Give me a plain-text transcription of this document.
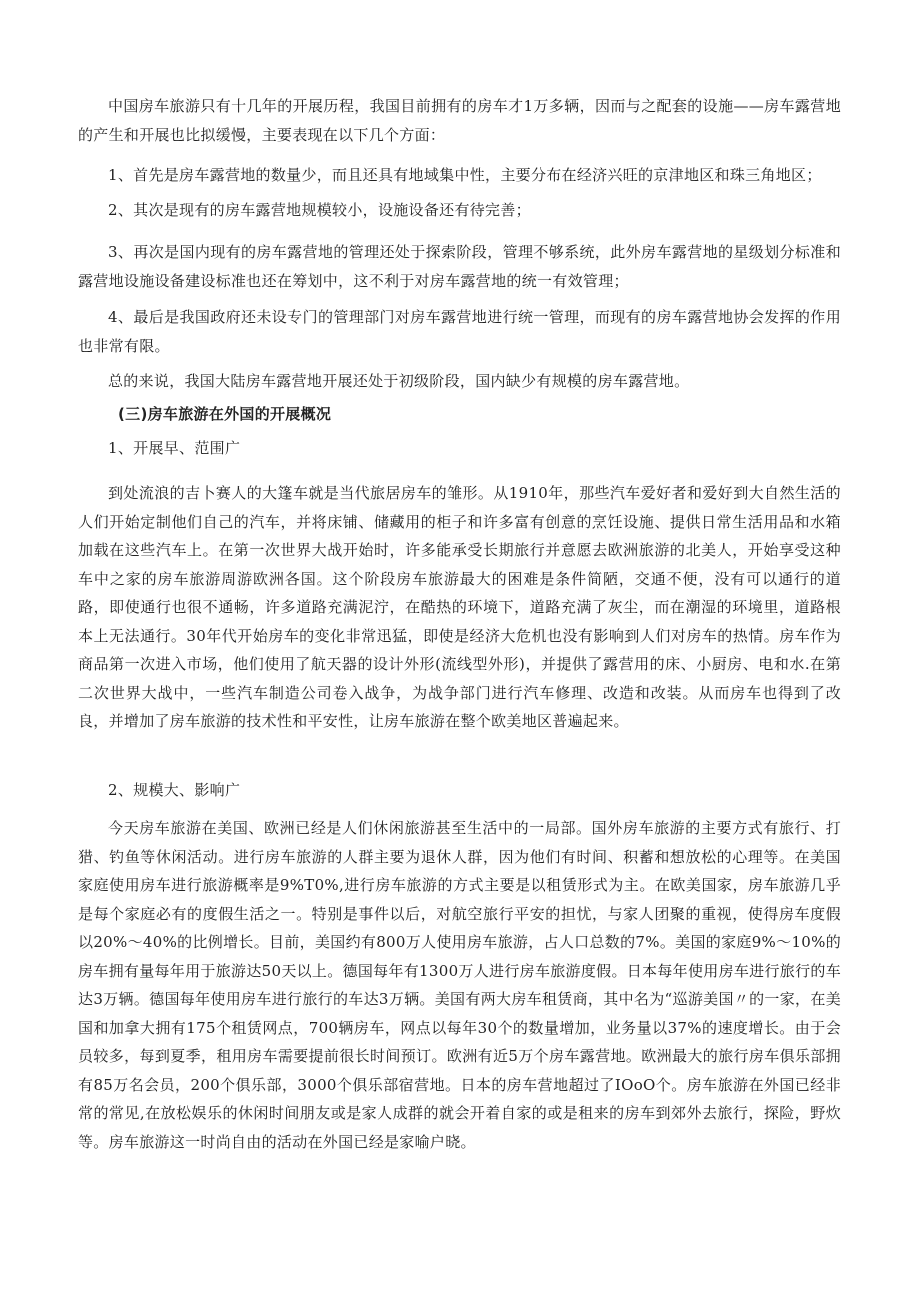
中国房车旅游只有十几年的开展历程，我国目前拥有的房车才1万多辆，因而与之配套的设施——房车露营地的产生和开展也比拟缓慢，主要表现在以下几个方面：

1、首先是房车露营地的数量少，而且还具有地域集中性，主要分布在经济兴旺的京津地区和珠三角地区；

2、其次是现有的房车露营地规模较小，设施设备还有待完善；

3、再次是国内现有的房车露营地的管理还处于探索阶段，管理不够系统，此外房车露营地的星级划分标准和露营地设施设备建设标准也还在筹划中，这不利于对房车露营地的统一有效管理；

4、最后是我国政府还未设专门的管理部门对房车露营地进行统一管理，而现有的房车露营地协会发挥的作用也非常有限。

总的来说，我国大陆房车露营地开展还处于初级阶段，国内缺少有规模的房车露营地。

(三)房车旅游在外国的开展概况

1、开展早、范围广

到处流浪的吉卜赛人的大篷车就是当代旅居房车的雏形。从1910年，那些汽车爱好者和爱好到大自然生活的人们开始定制他们自己的汽车，并将床铺、储藏用的柜子和许多富有创意的烹饪设施、提供日常生活用品和水箱加载在这些汽车上。在第一次世界大战开始时，许多能承受长期旅行并意愿去欧洲旅游的北美人，开始享受这种车中之家的房车旅游周游欧洲各国。这个阶段房车旅游最大的困难是条件简陋，交通不便，没有可以通行的道路，即使通行也很不通畅，许多道路充满泥泞，在酷热的环境下，道路充满了灰尘，而在潮湿的环境里，道路根本上无法通行。30年代开始房车的变化非常迅猛，即使是经济大危机也没有影响到人们对房车的热情。房车作为商品第一次进入市场，他们使用了航天器的设计外形(流线型外形)，并提供了露营用的床、小厨房、电和水.在第二次世界大战中，一些汽车制造公司卷入战争，为战争部门进行汽车修理、改造和改装。从而房车也得到了改良，并增加了房车旅游的技术性和平安性，让房车旅游在整个欧美地区普遍起来。

2、规模大、影响广

今天房车旅游在美国、欧洲已经是人们休闲旅游甚至生活中的一局部。国外房车旅游的主要方式有旅行、打猎、钓鱼等休闲活动。进行房车旅游的人群主要为退休人群，因为他们有时间、积蓄和想放松的心理等。在美国家庭使用房车进行旅游概率是9%T0%,进行房车旅游的方式主要是以租赁形式为主。在欧美国家，房车旅游几乎是每个家庭必有的度假生活之一。特别是事件以后，对航空旅行平安的担忧，与家人团聚的重视，使得房车度假以20%～40%的比例增长。目前，美国约有800万人使用房车旅游，占人口总数的7%。美国的家庭9%～10%的房车拥有量每年用于旅游达50天以上。德国每年有1300万人进行房车旅游度假。日本每年使用房车进行旅行的车达3万辆。德国每年使用房车进行旅行的车达3万辆。美国有两大房车租赁商，其中名为“巡游美国〃的一家，在美国和加拿大拥有175个租赁网点，700辆房车，网点以每年30个的数量增加，业务量以37%的速度增长。由于会员较多，每到夏季，租用房车需要提前很长时间预订。欧洲有近5万个房车露营地。欧洲最大的旅行房车俱乐部拥有85万名会员，200个俱乐部，3000个俱乐部宿营地。日本的房车营地超过了IOoO个。房车旅游在外国已经非常的常见,在放松娱乐的休闲时间朋友或是家人成群的就会开着自家的或是租来的房车到郊外去旅行，探险，野炊等。房车旅游这一时尚自由的活动在外国已经是家喻户晓。
